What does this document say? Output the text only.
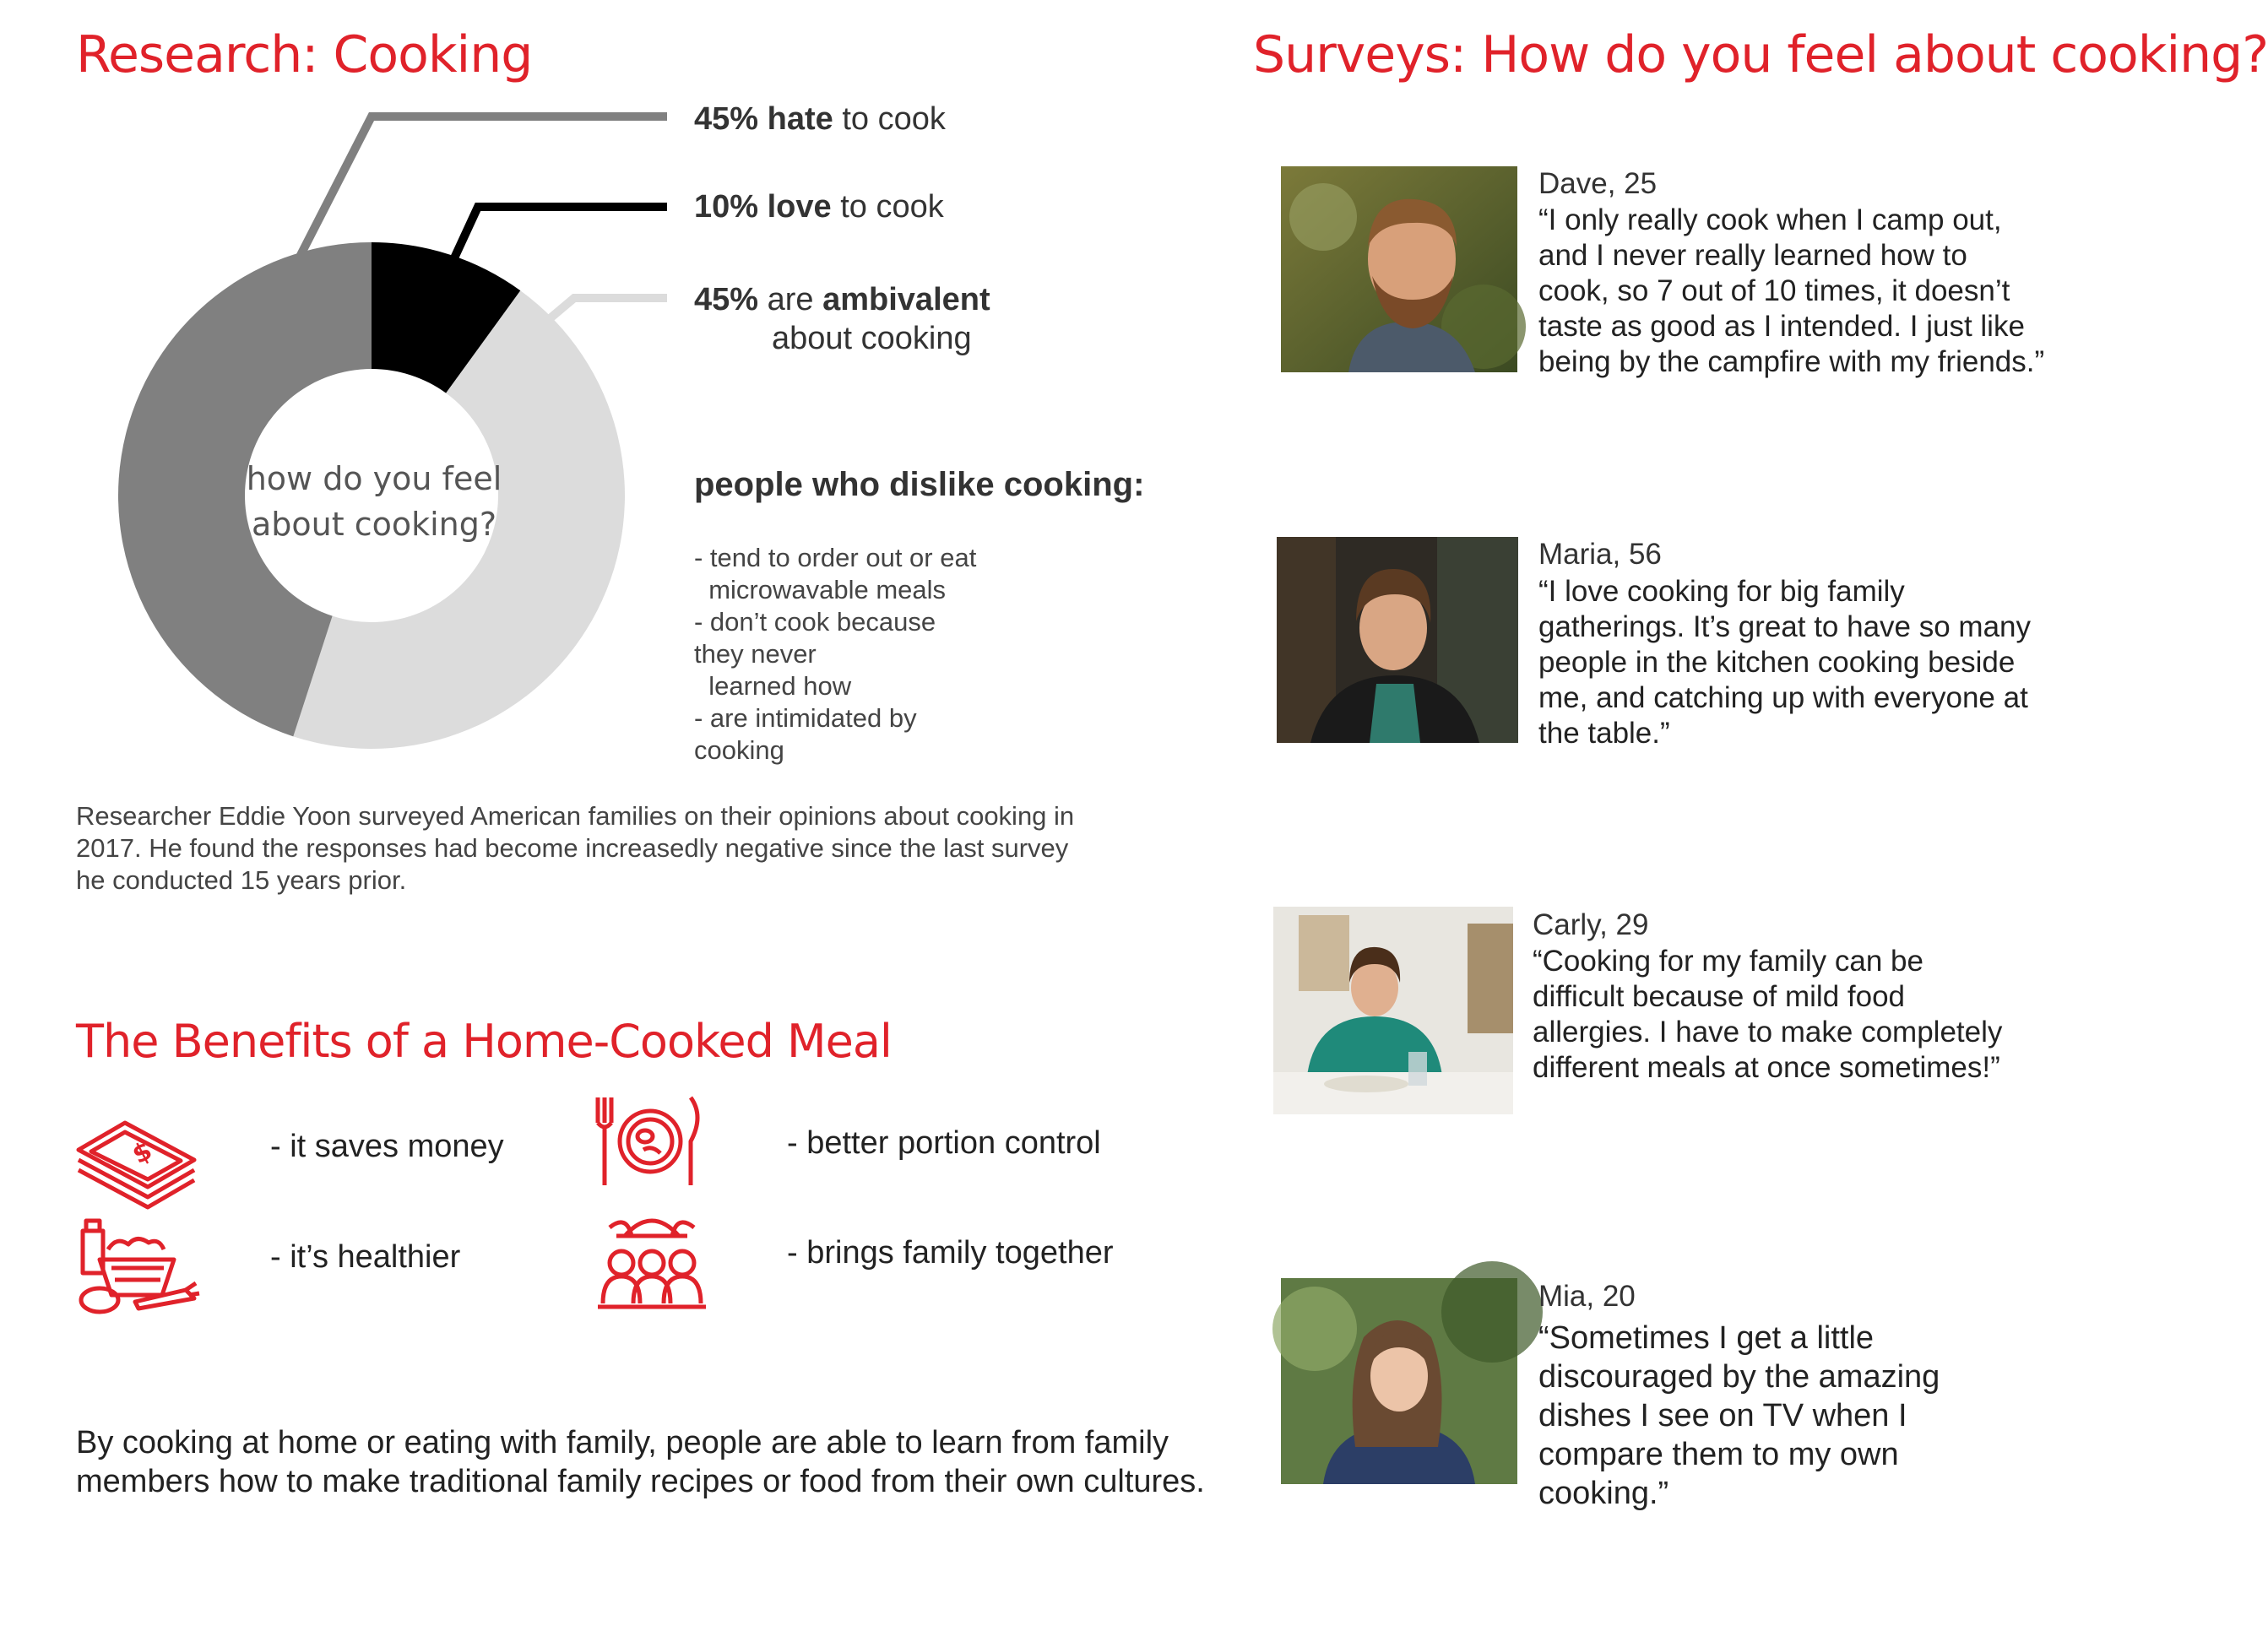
Research: Cooking	Surveys: How do you feel about cooking?
45% hate to cook
10% love to cook
45% are ambivalent
about cooking
how do you feel about cooking?
people who dislike cooking:
- tend to order out or eat
microwavable meals
- don’t cook because
they never
learned how
- are intimidated by
cooking
Researcher Eddie Yoon surveyed American families on their opinions about cooking in 2017. He found the responses had become increasedly negative since the last survey he conducted 15 years prior.
The Benefits of a Home-Cooked Meal
$	- it saves money	- better portion control
- it’s healthier	- brings family together
By cooking at home or eating with family, people are able to learn from family members how to make traditional family recipes or food from their own cultures.
Dave, 25
“I only really cook when I camp out, and I never really learned how to cook, so 7 out of 10 times, it doesn’t taste as good as I intended. I just like being by the campfire with my friends.”
Maria, 56
“I love cooking for big family gatherings. It’s great to have so many people in the kitchen cooking beside me, and catching up with everyone at the table.”
Carly, 29
“Cooking for my family can be difficult because of mild food allergies. I have to make completely different meals at once sometimes!”
Mia, 20
“Sometimes I get a little discouraged by the amazing dishes I see on TV when I compare them to my own cooking.”
